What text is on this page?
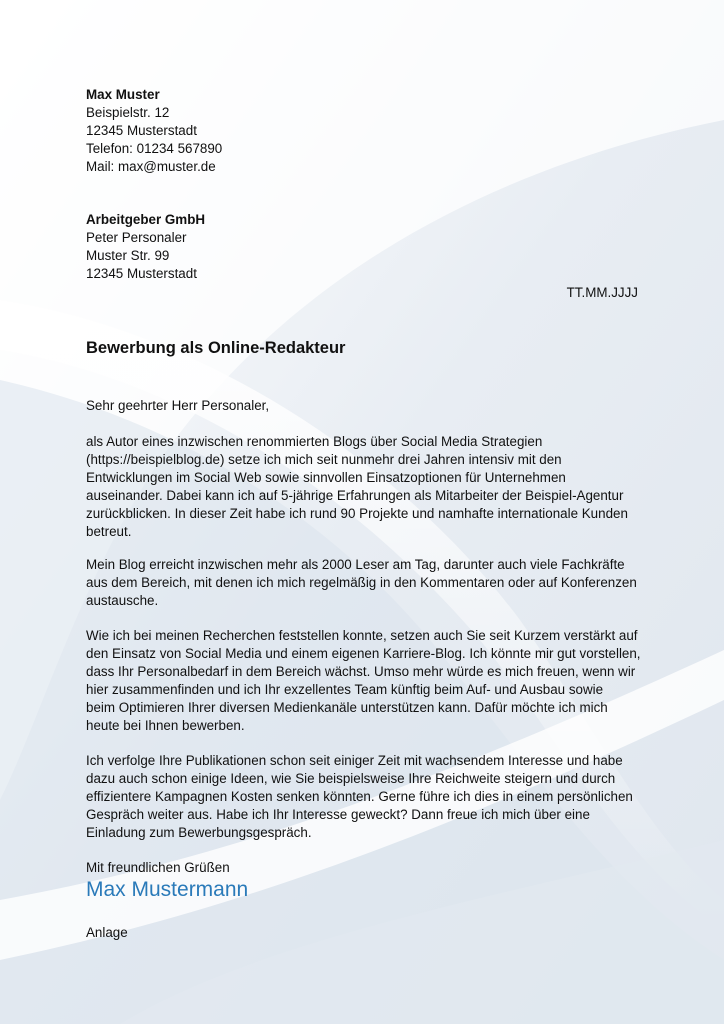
Max Muster
Beispielstr. 12
12345 Musterstadt
Telefon: 01234 567890
Mail: max@muster.de
Arbeitgeber GmbH
Peter Personaler
Muster Str. 99
12345 Musterstadt
TT.MM.JJJJ
Bewerbung als Online-Redakteur
Sehr geehrter Herr Personaler,
als Autor eines inzwischen renommierten Blogs über Social Media Strategien
(https://beispielblog.de) setze ich mich seit nunmehr drei Jahren intensiv mit den
Entwicklungen im Social Web sowie sinnvollen Einsatzoptionen für Unternehmen
auseinander. Dabei kann ich auf 5-jährige Erfahrungen als Mitarbeiter der Beispiel-Agentur
zurückblicken. In dieser Zeit habe ich rund 90 Projekte und namhafte internationale Kunden
betreut.
Mein Blog erreicht inzwischen mehr als 2000 Leser am Tag, darunter auch viele Fachkräfte
aus dem Bereich, mit denen ich mich regelmäßig in den Kommentaren oder auf Konferenzen
austausche.
Wie ich bei meinen Recherchen feststellen konnte, setzen auch Sie seit Kurzem verstärkt auf
den Einsatz von Social Media und einem eigenen Karriere-Blog. Ich könnte mir gut vorstellen,
dass Ihr Personalbedarf in dem Bereich wächst. Umso mehr würde es mich freuen, wenn wir
hier zusammenfinden und ich Ihr exzellentes Team künftig beim Auf- und Ausbau sowie
beim Optimieren Ihrer diversen Medienkanäle unterstützen kann. Dafür möchte ich mich
heute bei Ihnen bewerben.
Ich verfolge Ihre Publikationen schon seit einiger Zeit mit wachsendem Interesse und habe
dazu auch schon einige Ideen, wie Sie beispielsweise Ihre Reichweite steigern und durch
effizientere Kampagnen Kosten senken könnten. Gerne führe ich dies in einem persönlichen
Gespräch weiter aus. Habe ich Ihr Interesse geweckt? Dann freue ich mich über eine
Einladung zum Bewerbungsgespräch.
Mit freundlichen Grüßen
Max Mustermann
Anlage
